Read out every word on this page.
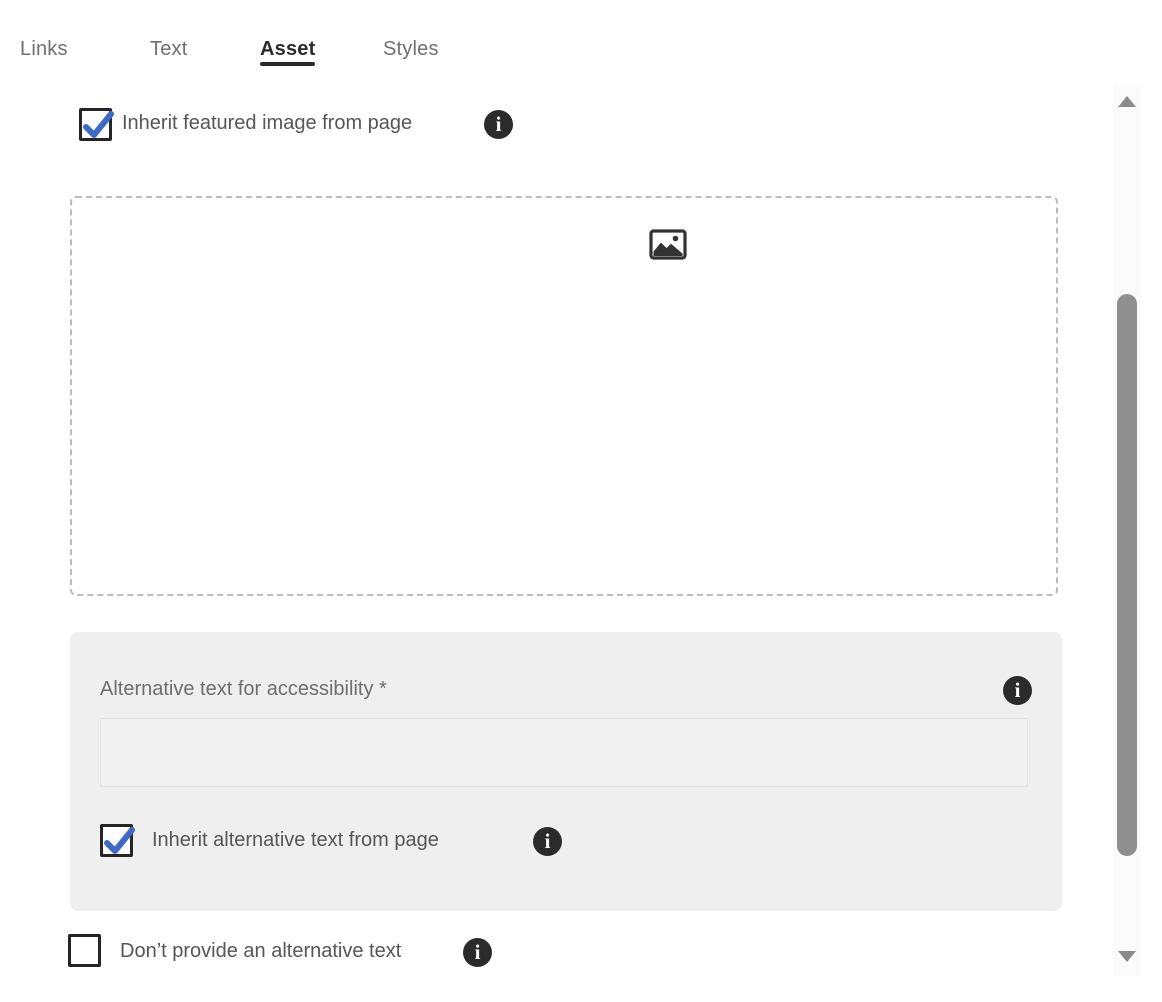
Links	Text	Asset	Styles
Inherit featured image from page	i
Alternative text for accessibility *	i
Inherit alternative text from page	i
Don’t provide an alternative text	i
